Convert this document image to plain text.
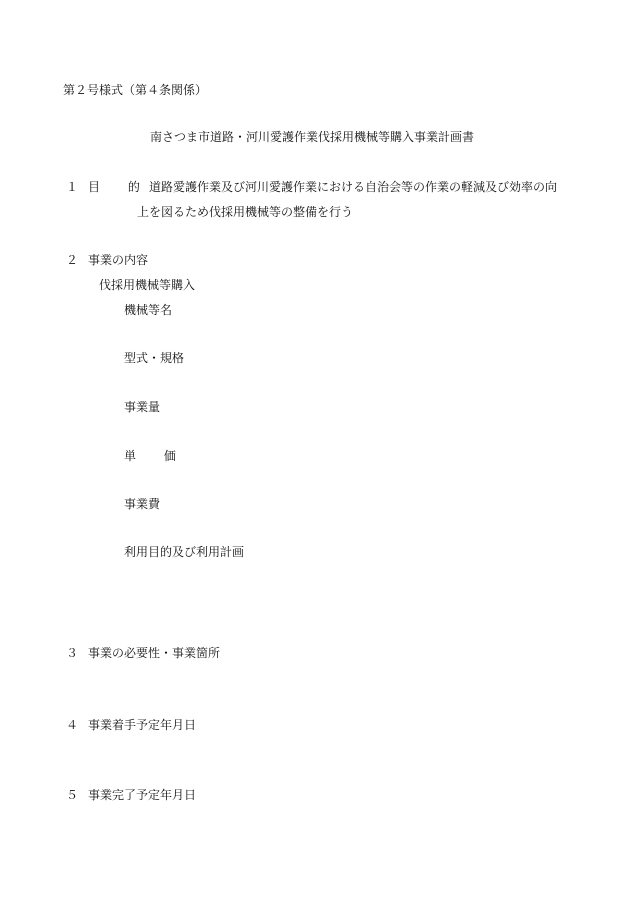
第２号様式（第４条関係）
南さつま市道路・河川愛護作業伐採用機械等購入事業計画書
１ 目 的
道路愛護作業及び河川愛護作業における自治会等の作業の軽減及び効率の向
上を図るため伐採用機械等の整備を行う
２ 事業の内容
伐採用機械等購入
機械等名
型式・規格
事業量
単 価
事業費
利用目的及び利用計画
３ 事業の必要性・事業箇所
４ 事業着手予定年月日
５ 事業完了予定年月日
